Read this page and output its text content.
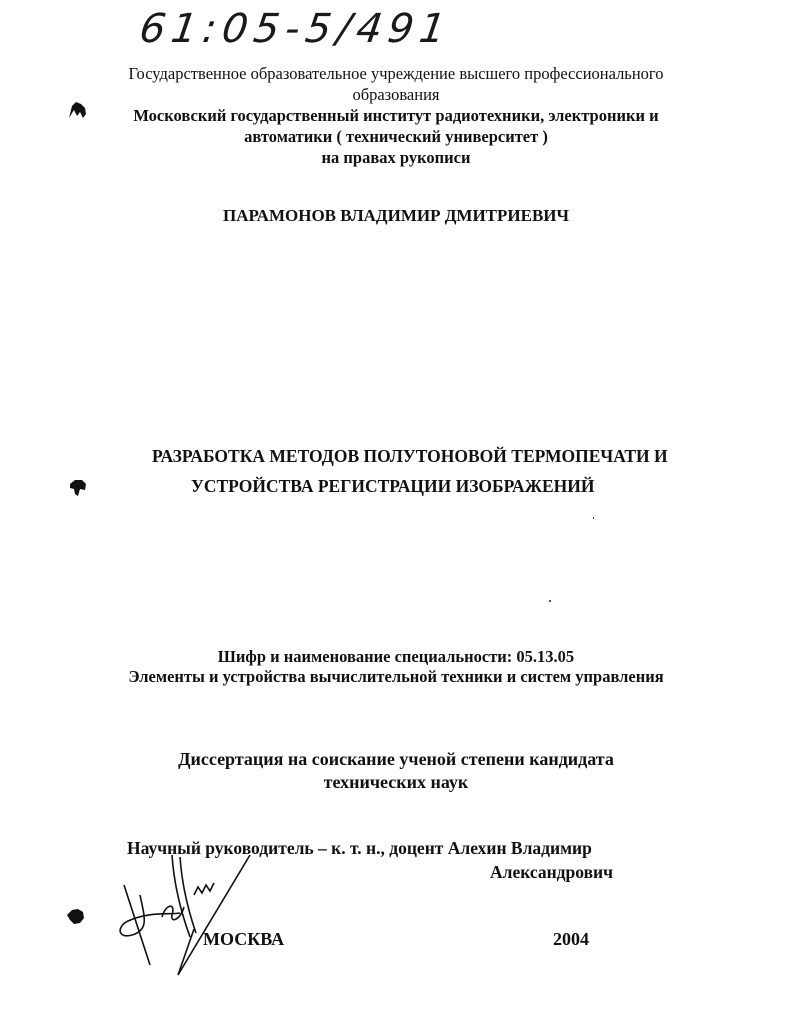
61:05-5/491
Государственное образовательное учреждение высшего профессионального
образования
Московский государственный институт радиотехники, электроники и
автоматики ( технический университет )
на правах рукописи
ПАРАМОНОВ ВЛАДИМИР ДМИТРИЕВИЧ
РАЗРАБОТКА МЕТОДОВ ПОЛУТОНОВОЙ ТЕРМОПЕЧАТИ И
УСТРОЙСТВА РЕГИСТРАЦИИ ИЗОБРАЖЕНИЙ
Шифр и наименование специальности: 05.13.05
Элементы и устройства вычислительной техники и систем управления
Диссертация на соискание ученой степени кандидата
технических наук
Научный руководитель – к. т. н., доцент Алехин Владимир
Александрович
МОСКВА	2004
